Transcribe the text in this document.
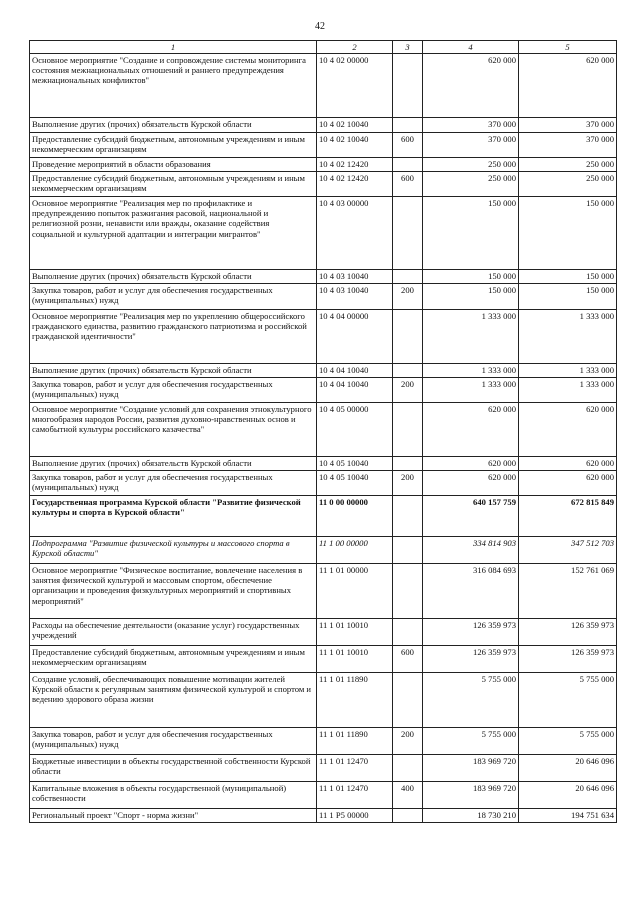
42
1	2	3	4	5
Основное мероприятие "Создание и сопровождение системы мониторинга состояния межнациональных отношений и раннего предупреждения межнациональных конфликтов"	10 4 02 00000		620 000	620 000
Выполнение других (прочих) обязательств Курской области	10 4 02 10040		370 000	370 000
Предоставление субсидий бюджетным, автономным учреждениям и иным некоммерческим организациям	10 4 02 10040	600	370 000	370 000
Проведение мероприятий в области образования	10 4 02 12420		250 000	250 000
Предоставление субсидий бюджетным, автономным учреждениям и иным некоммерческим организациям	10 4 02 12420	600	250 000	250 000
Основное мероприятие "Реализация мер по профилактике и предупреждению попыток разжигания расовой, национальной и религиозной розни, ненависти или вражды, оказание содействия социальной и культурной адаптации и интеграции мигрантов"	10 4 03 00000		150 000	150 000
Выполнение других (прочих) обязательств Курской области	10 4 03 10040		150 000	150 000
Закупка товаров, работ и услуг для обеспечения государственных (муниципальных) нужд	10 4 03 10040	200	150 000	150 000
Основное мероприятие "Реализация мер по укреплению общероссийского гражданского единства, развитию гражданского патриотизма и российской гражданской идентичности"	10 4 04 00000		1 333 000	1 333 000
Выполнение других (прочих) обязательств Курской области	10 4 04 10040		1 333 000	1 333 000
Закупка товаров, работ и услуг для обеспечения государственных (муниципальных) нужд	10 4 04 10040	200	1 333 000	1 333 000
Основное мероприятие "Создание условий для сохранения этнокультурного многообразия народов России, развития духовно-нравственных основ и самобытной культуры российского казачества"	10 4 05 00000		620 000	620 000
Выполнение других (прочих) обязательств Курской области	10 4 05 10040		620 000	620 000
Закупка товаров, работ и услуг для обеспечения государственных (муниципальных) нужд	10 4 05 10040	200	620 000	620 000
Государственная программа Курской области "Развитие физической культуры и спорта в Курской области"	11 0 00 00000		640 157 759	672 815 849
Подпрограмма "Развитие физической культуры и массового спорта в Курской области"	11 1 00 00000		334 814 903	347 512 703
Основное мероприятие "Физическое воспитание, вовлечение населения в занятия физической культурой и массовым спортом, обеспечение организации и проведения физкультурных мероприятий и спортивных мероприятий"	11 1 01 00000		316 084 693	152 761 069
Расходы на обеспечение деятельности (оказание услуг) государственных учреждений	11 1 01 10010		126 359 973	126 359 973
Предоставление субсидий бюджетным, автономным учреждениям и иным некоммерческим организациям	11 1 01 10010	600	126 359 973	126 359 973
Создание условий, обеспечивающих повышение мотивации жителей Курской области к регулярным занятиям физической культурой и спортом и ведению здорового образа жизни	11 1 01 11890		5 755 000	5 755 000
Закупка товаров, работ и услуг для обеспечения государственных (муниципальных) нужд	11 1 01 11890	200	5 755 000	5 755 000
Бюджетные инвестиции в объекты государственной собственности Курской области	11 1 01 12470		183 969 720	20 646 096
Капитальные вложения в объекты государственной (муниципальной) собственности	11 1 01 12470	400	183 969 720	20 646 096
Региональный проект "Спорт - норма жизни"	11 1 P5 00000		18 730 210	194 751 634
